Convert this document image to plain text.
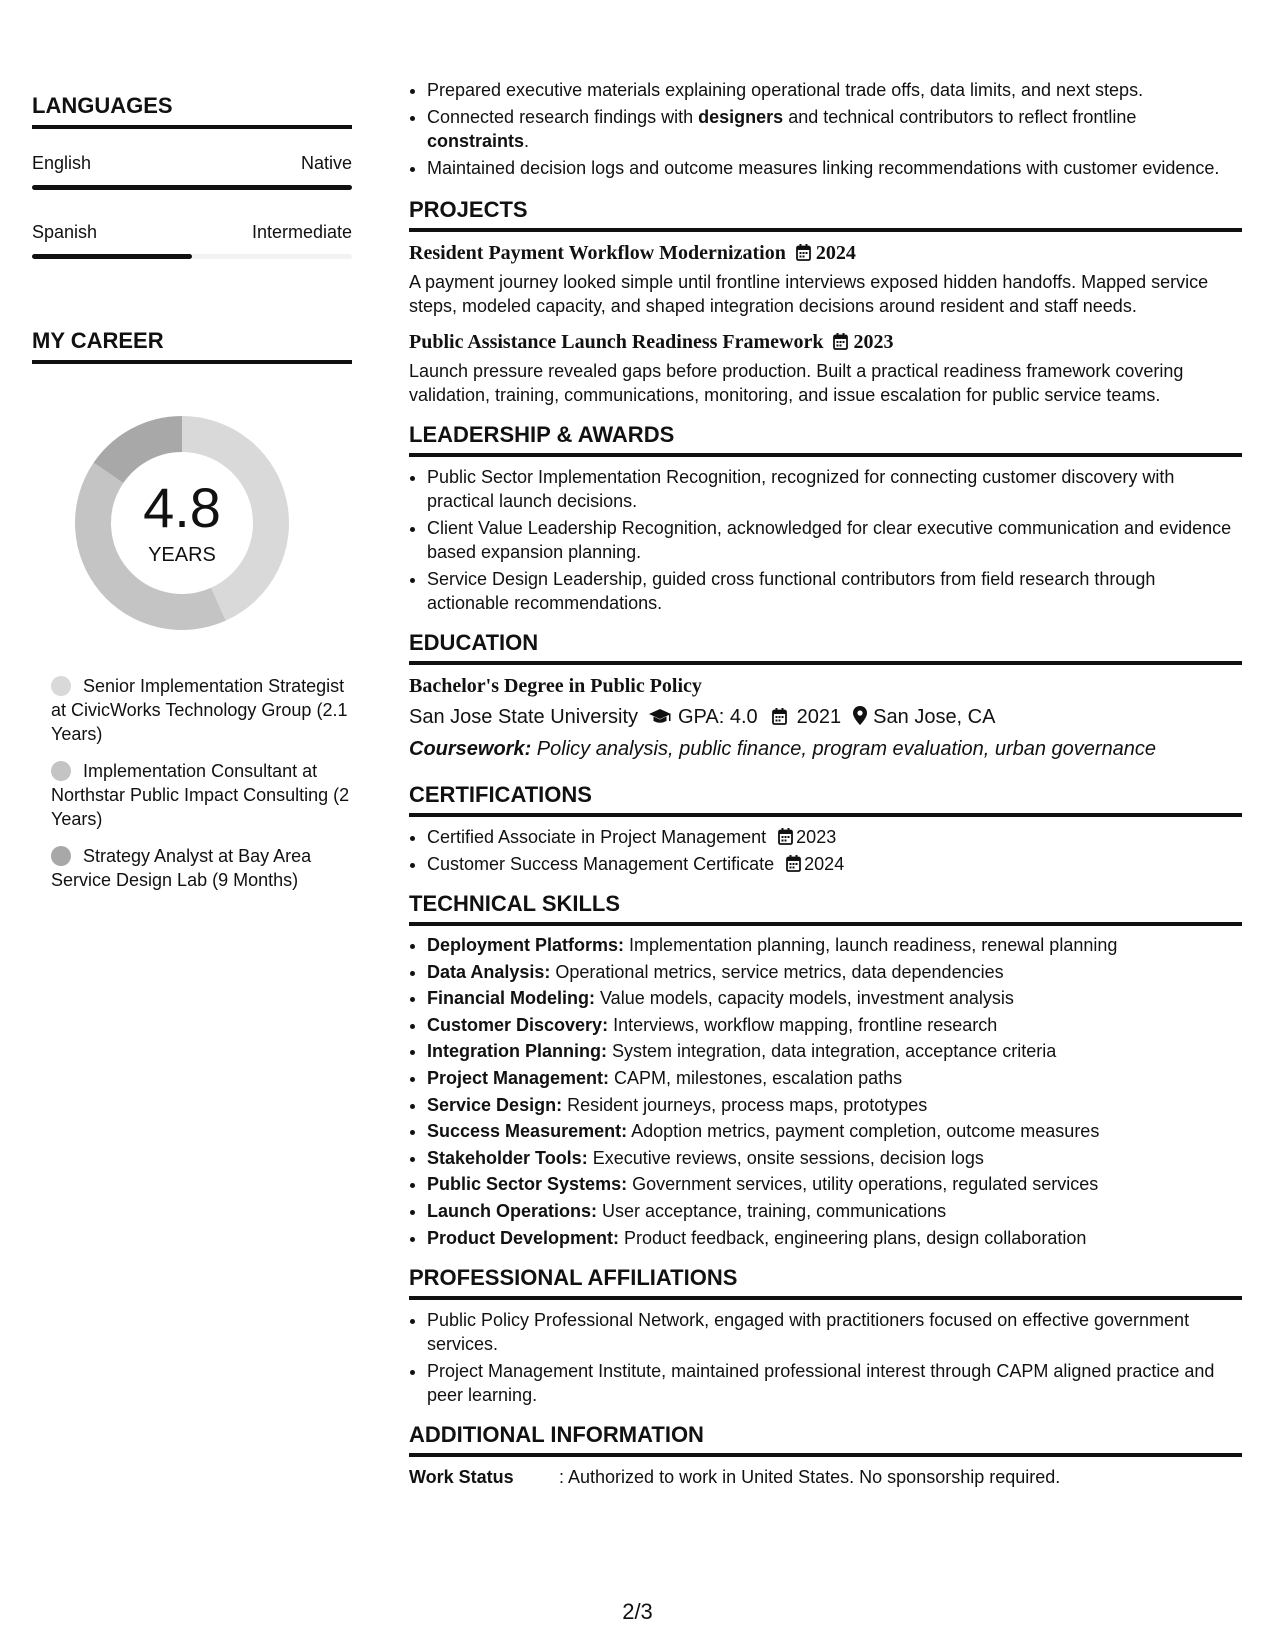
LANGUAGES
English	Native
Spanish	Intermediate
MY CAREER
4.8
YEARS
Senior Implementation Strategist at CivicWorks Technology Group (2.1 Years)
Implementation Consultant at Northstar Public Impact Consulting (2 Years)
Strategy Analyst at Bay Area Service Design Lab (9 Months)
• Prepared executive materials explaining operational trade offs, data limits, and next steps.
• Connected research findings with designers and technical contributors to reflect frontline constraints.
• Maintained decision logs and outcome measures linking recommendations with customer evidence.
PROJECTS
Resident Payment Workflow Modernization 2024
A payment journey looked simple until frontline interviews exposed hidden handoffs. Mapped service steps, modeled capacity, and shaped integration decisions around resident and staff needs.
Public Assistance Launch Readiness Framework 2023
Launch pressure revealed gaps before production. Built a practical readiness framework covering validation, training, communications, monitoring, and issue escalation for public service teams.
LEADERSHIP & AWARDS
• Public Sector Implementation Recognition, recognized for connecting customer discovery with practical launch decisions.
• Client Value Leadership Recognition, acknowledged for clear executive communication and evidence based expansion planning.
• Service Design Leadership, guided cross functional contributors from field research through actionable recommendations.
EDUCATION
Bachelor's Degree in Public Policy
San Jose State University GPA: 4.0 2021 San Jose, CA
Coursework: Policy analysis, public finance, program evaluation, urban governance
CERTIFICATIONS
• Certified Associate in Project Management 2023
• Customer Success Management Certificate 2024
TECHNICAL SKILLS
• Deployment Platforms: Implementation planning, launch readiness, renewal planning
• Data Analysis: Operational metrics, service metrics, data dependencies
• Financial Modeling: Value models, capacity models, investment analysis
• Customer Discovery: Interviews, workflow mapping, frontline research
• Integration Planning: System integration, data integration, acceptance criteria
• Project Management: CAPM, milestones, escalation paths
• Service Design: Resident journeys, process maps, prototypes
• Success Measurement: Adoption metrics, payment completion, outcome measures
• Stakeholder Tools: Executive reviews, onsite sessions, decision logs
• Public Sector Systems: Government services, utility operations, regulated services
• Launch Operations: User acceptance, training, communications
• Product Development: Product feedback, engineering plans, design collaboration
PROFESSIONAL AFFILIATIONS
• Public Policy Professional Network, engaged with practitioners focused on effective government services.
• Project Management Institute, maintained professional interest through CAPM aligned practice and peer learning.
ADDITIONAL INFORMATION
Work Status	: Authorized to work in United States. No sponsorship required.
2/3
